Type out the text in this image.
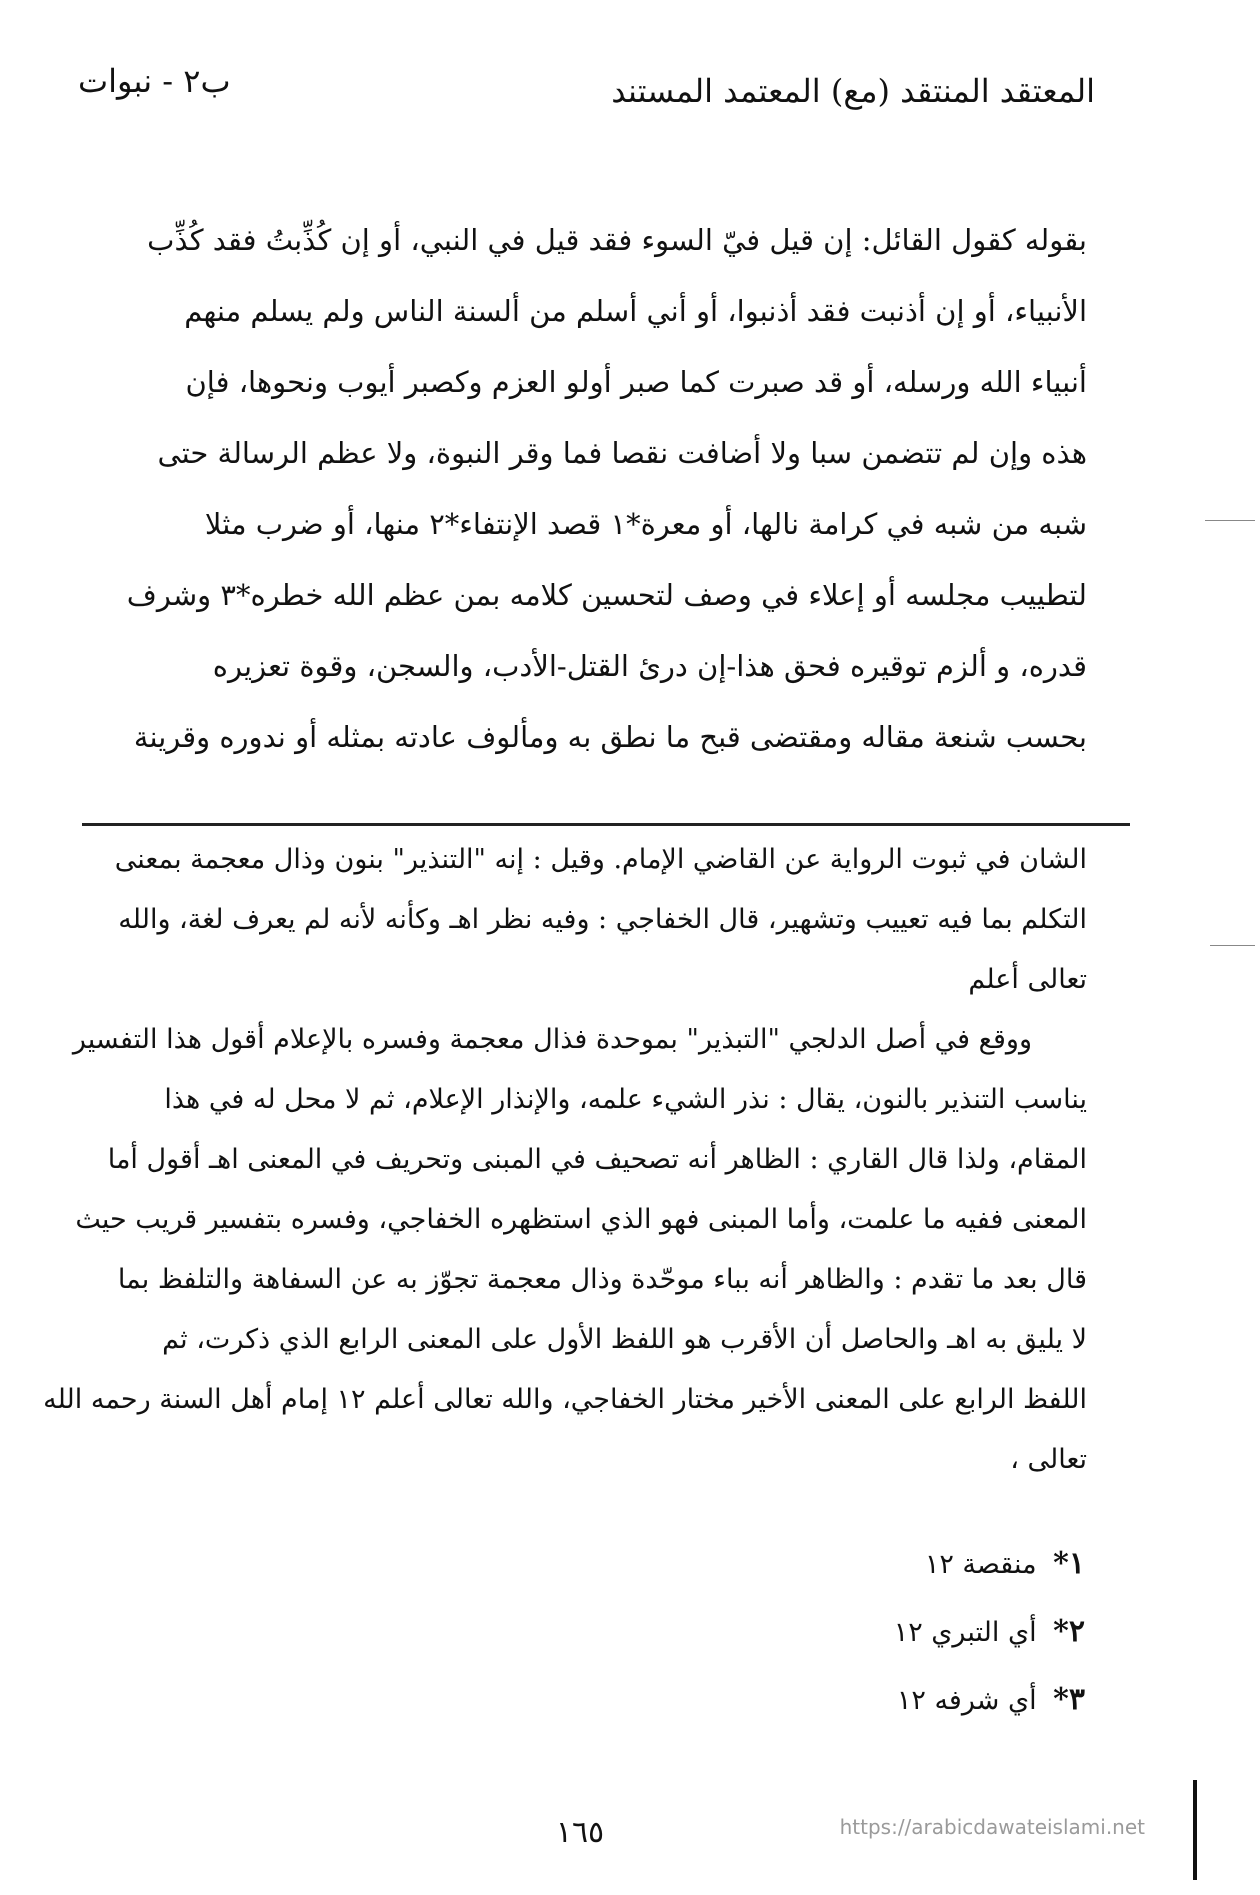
ب٢ - نبوات	المعتقد المنتقد (مع) المعتمد المستند
بقوله كقول القائل: إن قيل فيّ السوء فقد قيل في النبي، أو إن كُذِّبتُ فقد كُذِّب
الأنبياء، أو إن أذنبت فقد أذنبوا، أو أني أسلم من ألسنة الناس ولم يسلم منهم
أنبياء الله ورسله، أو قد صبرت كما صبر أولو العزم وكصبر أيوب ونحوها، فإن
هذه وإن لم تتضمن سبا ولا أضافت نقصا فما وقر النبوة، ولا عظم الرسالة حتى
شبه من شبه في كرامة نالها، أو معرة*١ قصد الإنتفاء*٢ منها، أو ضرب مثلا
لتطييب مجلسه أو إعلاء في وصف لتحسين كلامه بمن عظم الله خطره*٣ وشرف
قدره، و ألزم توقيره فحق هذا-إن درئ القتل-الأدب، والسجن، وقوة تعزيره
بحسب شنعة مقاله ومقتضى قبح ما نطق به ومألوف عادته بمثله أو ندوره وقرينة
الشان في ثبوت الرواية عن القاضي الإمام. وقيل : إنه "التنذير" بنون وذال معجمة بمعنى
التكلم بما فيه تعييب وتشهير، قال الخفاجي : وفيه نظر اهـ وكأنه لأنه لم يعرف لغة، والله
تعالى أعلم
ووقع في أصل الدلجي "التبذير" بموحدة فذال معجمة وفسره بالإعلام أقول هذا التفسير
يناسب التنذير بالنون، يقال : نذر الشيء علمه، والإنذار الإعلام، ثم لا محل له في هذا
المقام، ولذا قال القاري : الظاهر أنه تصحيف في المبنى وتحريف في المعنى اهـ أقول أما
المعنى ففيه ما علمت، وأما المبنى فهو الذي استظهره الخفاجي، وفسره بتفسير قريب حيث
قال بعد ما تقدم : والظاهر أنه بباء موحّدة وذال معجمة تجوّز به عن السفاهة والتلفظ بما
لا يليق به اهـ والحاصل أن الأقرب هو اللفظ الأول على المعنى الرابع الذي ذكرت، ثم
اللفظ الرابع على المعنى الأخير مختار الخفاجي، والله تعالى أعلم ١٢ إمام أهل السنة رحمه الله
تعالى ،
١* منقصة ١٢
٢* أي التبري ١٢
٣* أي شرفه ١٢
١٦٥	https://arabicdawateislami.net
